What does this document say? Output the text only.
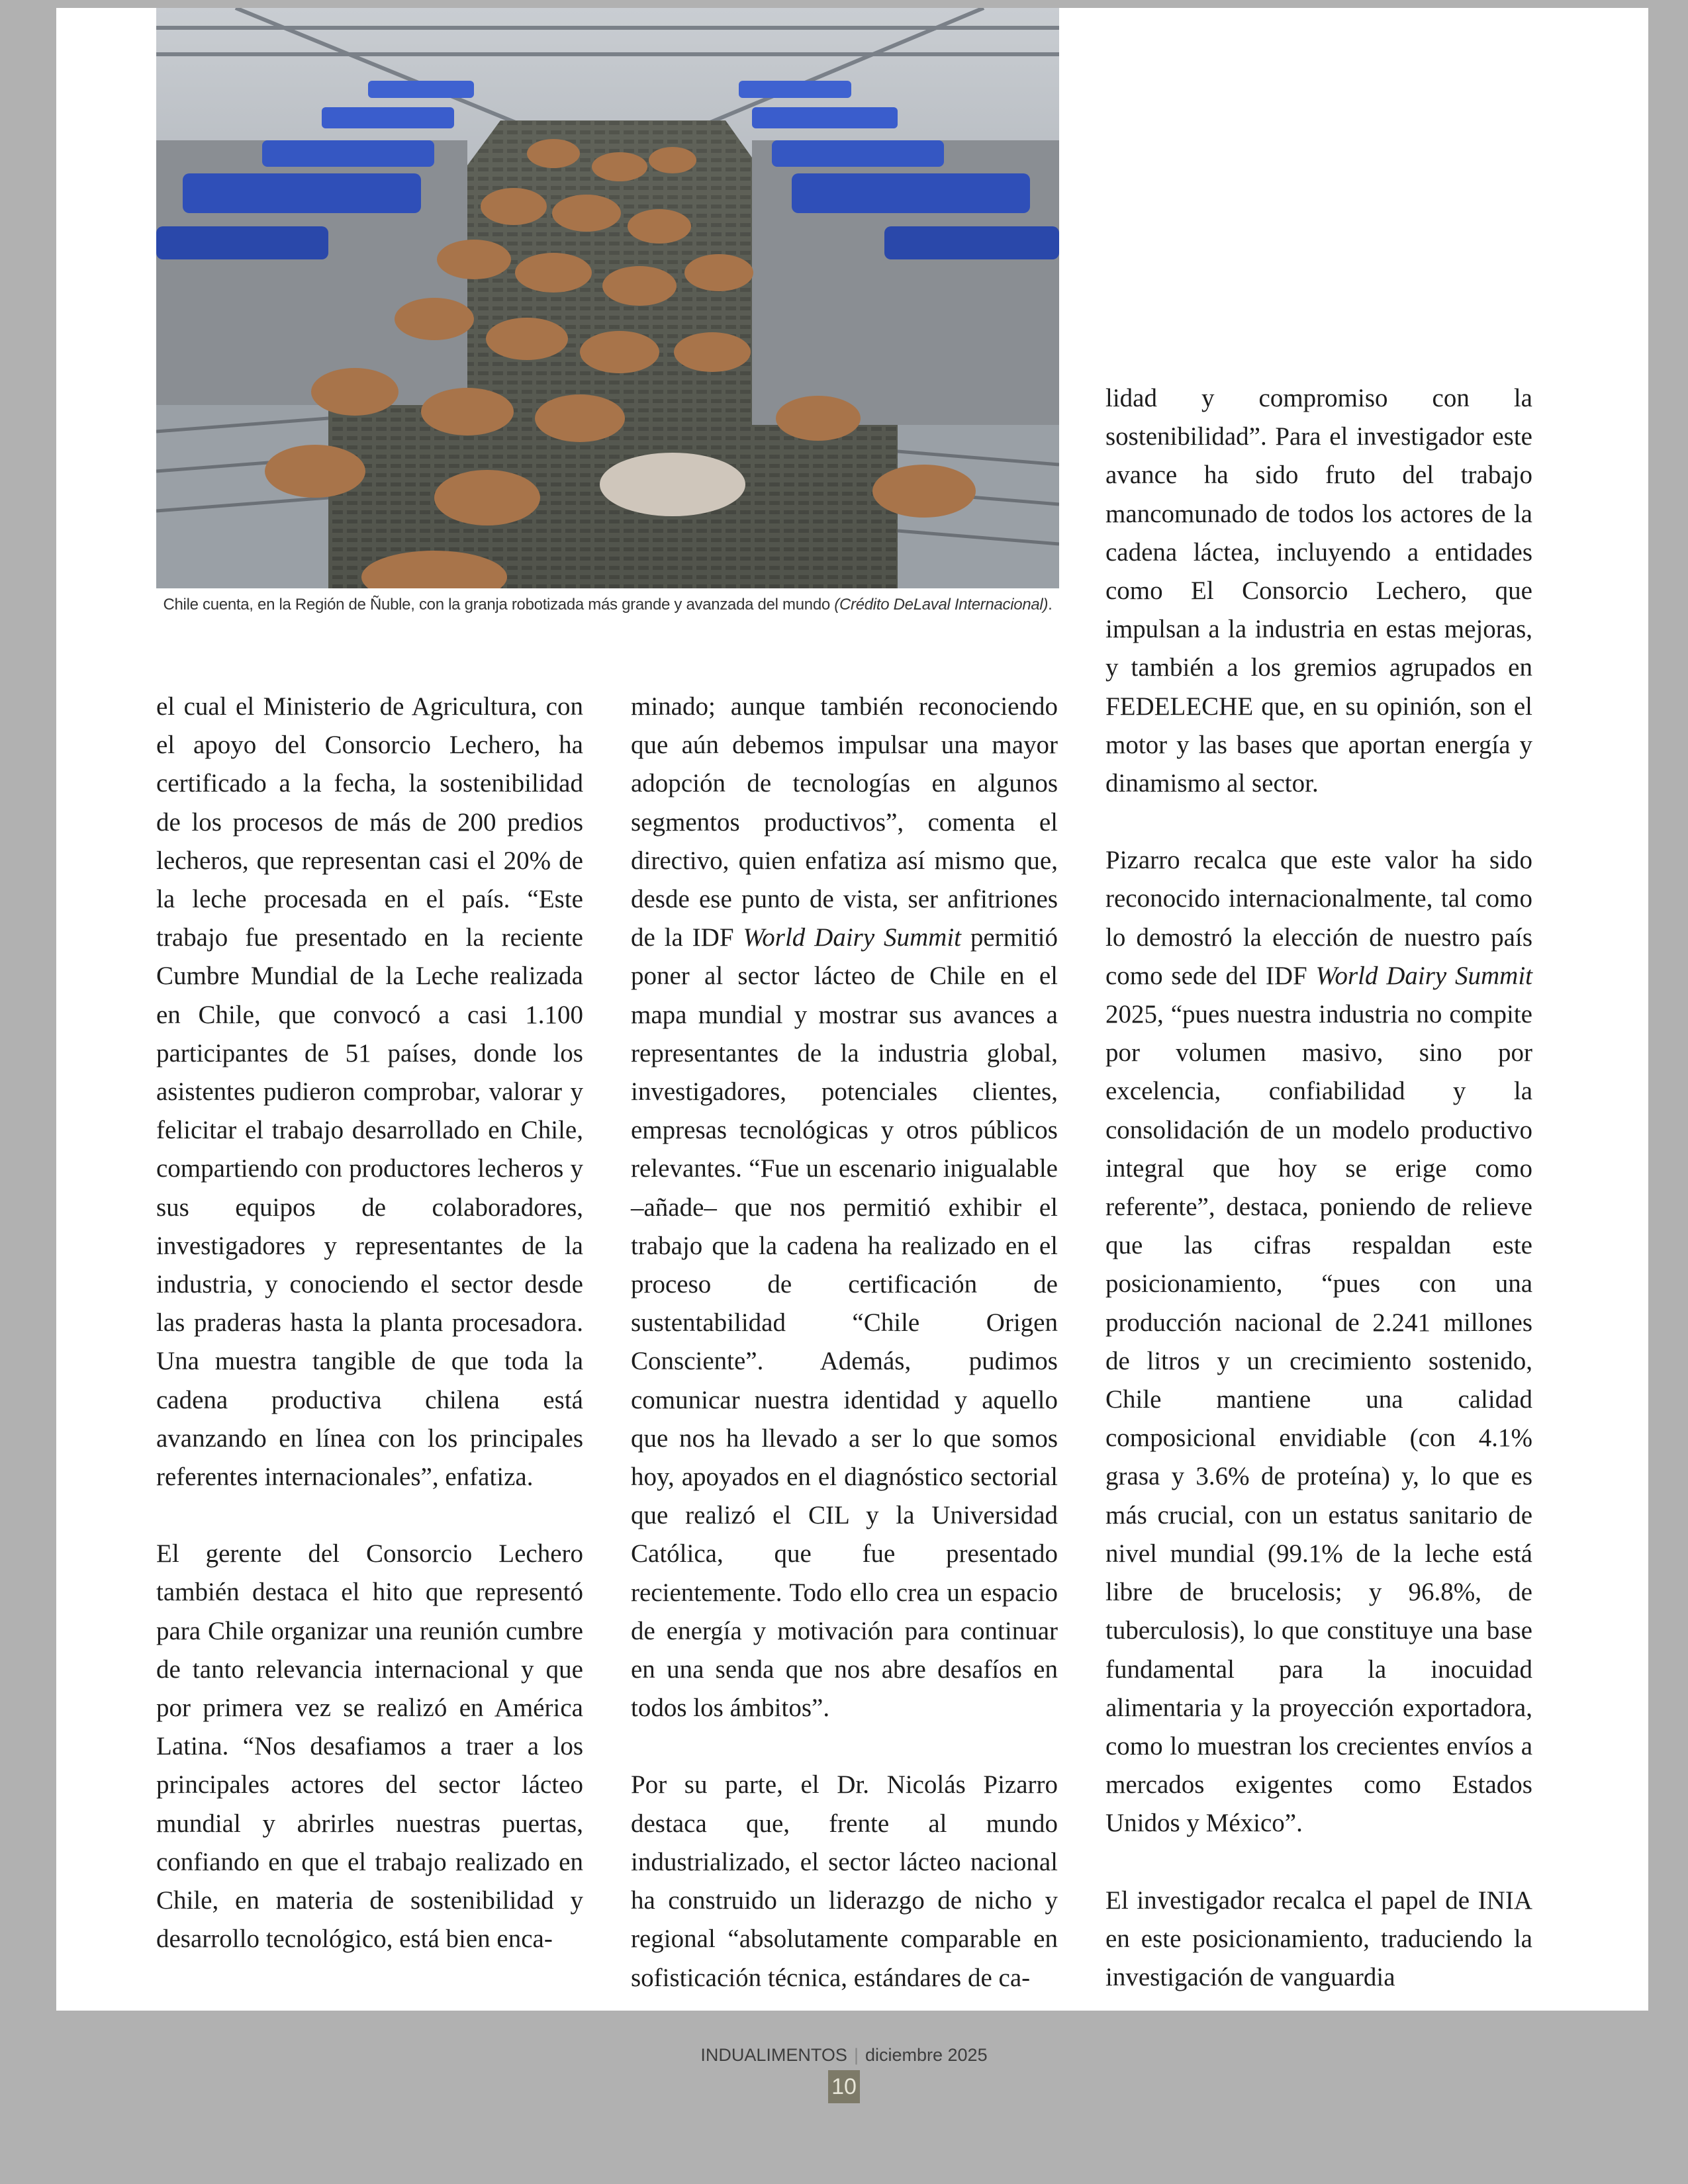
Chile cuenta, en la Región de Ñuble, con la granja robotizada más grande y avanzada del mundo (Crédito DeLaval Internacional).

el cual el Ministerio de Agricultura, con el apoyo del Consorcio Lechero, ha certificado a la fecha, la sostenibilidad de los procesos de más de 200 predios lecheros, que representan casi el 20% de la leche procesada en el país. “Este trabajo fue presentado en la reciente Cumbre Mundial de la Leche realizada en Chile, que convocó a casi 1.100 participantes de 51 países, donde los asistentes pudieron comprobar, valorar y felicitar el trabajo desarrollado en Chile, compartiendo con productores lecheros y sus equipos de colaboradores, investigadores y representantes de la industria, y conociendo el sector desde las praderas hasta la planta procesadora. Una muestra tangible de que toda la cadena productiva chilena está avanzando en línea con los principales referentes internacionales”, enfatiza.

El gerente del Consorcio Lechero también destaca el hito que representó para Chile organizar una reunión cumbre de tanto relevancia internacional y que por primera vez se realizó en América Latina. “Nos desafiamos a traer a los principales actores del sector lácteo mundial y abrirles nuestras puertas, confiando en que el trabajo realizado en Chile, en materia de sostenibilidad y desarrollo tecnológico, está bien enca-

minado; aunque también reconociendo que aún debemos impulsar una mayor adopción de tecnologías en algunos segmentos productivos”, comenta el directivo, quien enfatiza así mismo que, desde ese punto de vista, ser anfitriones de la IDF World Dairy Summit permitió poner al sector lácteo de Chile en el mapa mundial y mostrar sus avances a representantes de la industria global, investigadores, potenciales clientes, empresas tecnológicas y otros públicos relevantes. “Fue un escenario inigualable –añade– que nos permitió exhibir el trabajo que la cadena ha realizado en el proceso de certificación de sustentabilidad “Chile Origen Consciente”. Además, pudimos comunicar nuestra identidad y aquello que nos ha llevado a ser lo que somos hoy, apoyados en el diagnóstico sectorial que realizó el CIL y la Universidad Católica, que fue presentado recientemente. Todo ello crea un espacio de energía y motivación para continuar en una senda que nos abre desafíos en todos los ámbitos”.

Por su parte, el Dr. Nicolás Pizarro destaca que, frente al mundo industrializado, el sector lácteo nacional ha construido un liderazgo de nicho y regional “absolutamente comparable en sofisticación técnica, estándares de ca-

lidad y compromiso con la sostenibilidad”. Para el investigador este avance ha sido fruto del trabajo mancomunado de todos los actores de la cadena láctea, incluyendo a entidades como El Consorcio Lechero, que impulsan a la industria en estas mejoras, y también a los gremios agrupados en FEDELECHE que, en su opinión, son el motor y las bases que aportan energía y dinamismo al sector.

Pizarro recalca que este valor ha sido reconocido internacionalmente, tal como lo demostró la elección de nuestro país como sede del IDF World Dairy Summit 2025, “pues nuestra industria no compite por volumen masivo, sino por excelencia, confiabilidad y la consolidación de un modelo productivo integral que hoy se erige como referente”, destaca, poniendo de relieve que las cifras respaldan este posicionamiento, “pues con una producción nacional de 2.241 millones de litros y un crecimiento sostenido, Chile mantiene una calidad composicional envidiable (con 4.1% grasa y 3.6% de proteína) y, lo que es más crucial, con un estatus sanitario de nivel mundial (99.1% de la leche está libre de brucelosis; y 96.8%, de tuberculosis), lo que constituye una base fundamental para la inocuidad alimentaria y la proyección exportadora, como lo muestran los crecientes envíos a mercados exigentes como Estados Unidos y México”.

El investigador recalca el papel de INIA en este posicionamiento, traduciendo la investigación de vanguardia

INDUALIMENTOS | diciembre 2025
10
